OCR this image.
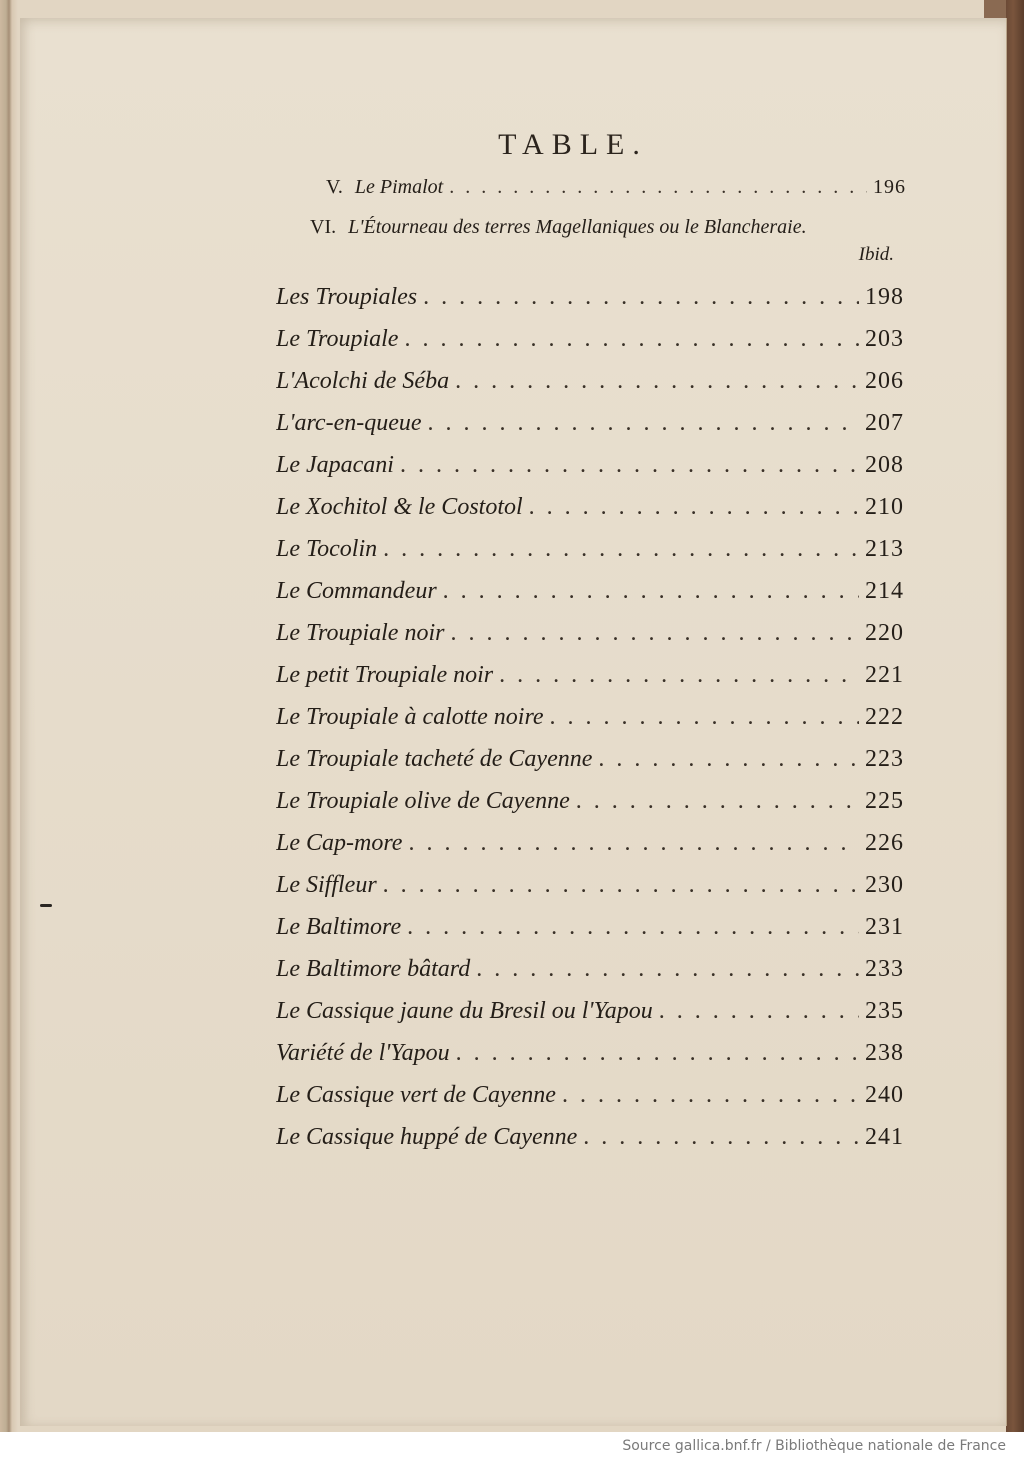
TABLE.
V. Le Pimalot . . .	196
VI. L'Étourneau des terres Magellaniques ou le Blancheraie.
Ibid.
Les Troupiales . . .	198
Le Troupiale . . .	203
L'Acolchi de Séba . . .	206
L'arc-en-queue . . .	207
Le Japacani . . .	208
Le Xochitol & le Costotol . . .	210
Le Tocolin . . .	213
Le Commandeur . . .	214
Le Troupiale noir . . .	220
Le petit Troupiale noir . . .	221
Le Troupiale à calotte noire . . .	222
Le Troupiale tacheté de Cayenne . . .	223
Le Troupiale olive de Cayenne . . .	225
Le Cap-more . . .	226
Le Siffleur . . .	230
Le Baltimore . . .	231
Le Baltimore bâtard . . .	233
Le Cassique jaune du Bresil ou l'Yapou . . .	235
Variété de l'Yapou . . .	238
Le Cassique vert de Cayenne . . .	240
Le Cassique huppé de Cayenne . . .	241
Source gallica.bnf.fr / Bibliothèque nationale de France
